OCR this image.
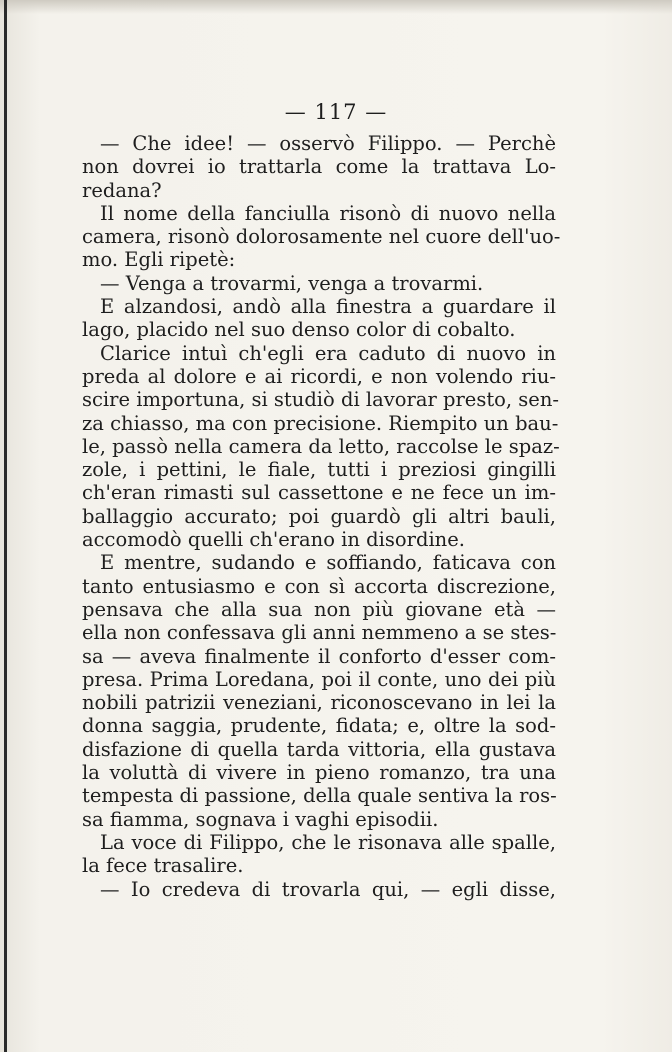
— 117 —
— Che idee! — osservò Filippo. — Perchè
non dovrei io trattarla come la trattava Lo-
redana?
Il nome della fanciulla risonò di nuovo nella
camera, risonò dolorosamente nel cuore dell'uo-
mo. Egli ripetè:
— Venga a trovarmi, venga a trovarmi.
E alzandosi, andò alla finestra a guardare il
lago, placido nel suo denso color di cobalto.
Clarice intuì ch'egli era caduto di nuovo in
preda al dolore e ai ricordi, e non volendo riu-
scire importuna, si studiò di lavorar presto, sen-
za chiasso, ma con precisione. Riempito un bau-
le, passò nella camera da letto, raccolse le spaz-
zole, i pettini, le fiale, tutti i preziosi gingilli
ch'eran rimasti sul cassettone e ne fece un im-
ballaggio accurato; poi guardò gli altri bauli,
accomodò quelli ch'erano in disordine.
E mentre, sudando e soffiando, faticava con
tanto entusiasmo e con sì accorta discrezione,
pensava che alla sua non più giovane età —
ella non confessava gli anni nemmeno a se stes-
sa — aveva finalmente il conforto d'esser com-
presa. Prima Loredana, poi il conte, uno dei più
nobili patrizii veneziani, riconoscevano in lei la
donna saggia, prudente, fidata; e, oltre la sod-
disfazione di quella tarda vittoria, ella gustava
la voluttà di vivere in pieno romanzo, tra una
tempesta di passione, della quale sentiva la ros-
sa fiamma, sognava i vaghi episodii.
La voce di Filippo, che le risonava alle spalle,
la fece trasalire.
— Io credeva di trovarla qui, — egli disse,
